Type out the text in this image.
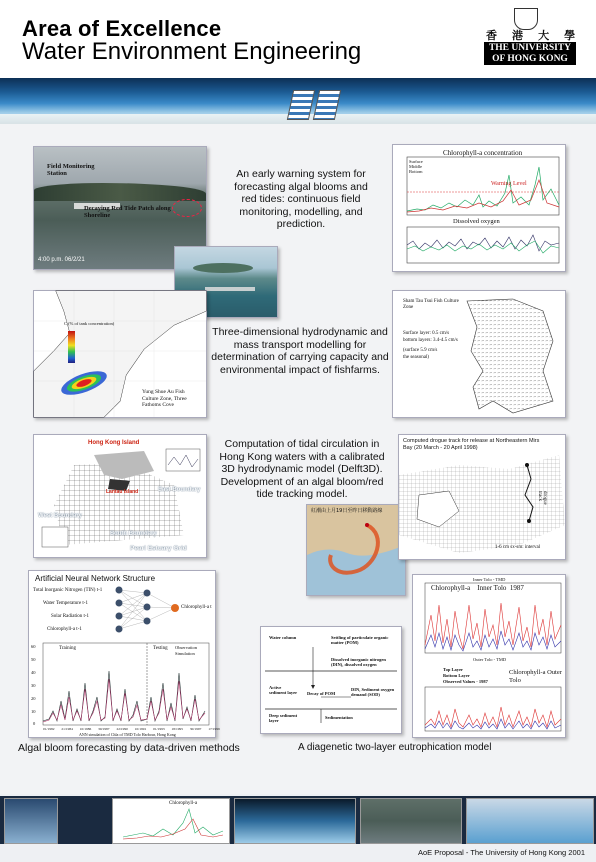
Area of Excellence
Water Environment Engineering
香 港 大 學
THE UNIVERSITY
OF HONG KONG
Field Monitoring Station
Decaying Red Tide Patch along Shoreline
4:00 p.m. 06/2/21
An early warning system for forecasting algal blooms and red tides: continuous field monitoring, modelling, and prediction.
Chlorophyll-a concentration
Surface
Middle
Bottom
Warning Level
Dissolved oxygen
C (% of tank concentration)
Yung Shue Au Fish Culture Zone, Three Fathoms Cove
Three-dimensional hydrodynamic and mass transport modelling for determination of carrying capacity and environmental impact of fishfarms.
Sham Tau Tsui Fish Culture Zone
Surface layer: 0.5 cm/s
bottom layers: 3.4-4.5 cm/s
(surface 5.9 cm/s
the seasonal)
Hong Kong Island
Lantau Island	East Boundary
West Boundary
South Boundary
Pearl Estuary Grid
Computation of tidal circulation in Hong Kong waters with a calibrated 3D hydrodynamic model (Delft3D). Development of an algal bloom/red tide tracking model.
紅潮由上月19日至昨日移動路線
Computed drogue track for release at Northeastern Mirs Bay (20 March - 20 April 1998)
drogue track
1-6 cm sx-sm: interval
Artificial Neural Network Structure
Total Inorganic Nitrogen (TIN) t-1
Water Temperature t-1
Solar Radiation t-1
Chlorophyll-a t-1
Chlorophyll-a t
60
50
40
30
20
10
0
Training	Testing Observation
Simulation
01/1982 21/1984 10/1986 30/1987 22/1990 10/1991 01/1993 18/1995 30/1997 17/1999
ANN simulation of Chla of TMD Tolo Harbour, Hong Kong
Algal bloom forecasting by data-driven methods
Water column	Settling of particulate organic matter (POM)
Dissolved inorganic nitrogen (DIN), dissolved oxygen
Active sediment layer	Decay of POM
DIN, Sediment oxygen demand (SOD)
Deep sediment layer
Sedimentation
A diagenetic two-layer eutrophication model
Inner Tolo - TMD
Chlorophyll-a    Inner Tolo  1987
Outer Tolo - TMD
Top Layer
Bottom Layer
Observed Values - 1987
Chlorophyll-a Outer Tolo
Chlorophyll-a
AoE Proposal - The University of Hong Kong 2001
